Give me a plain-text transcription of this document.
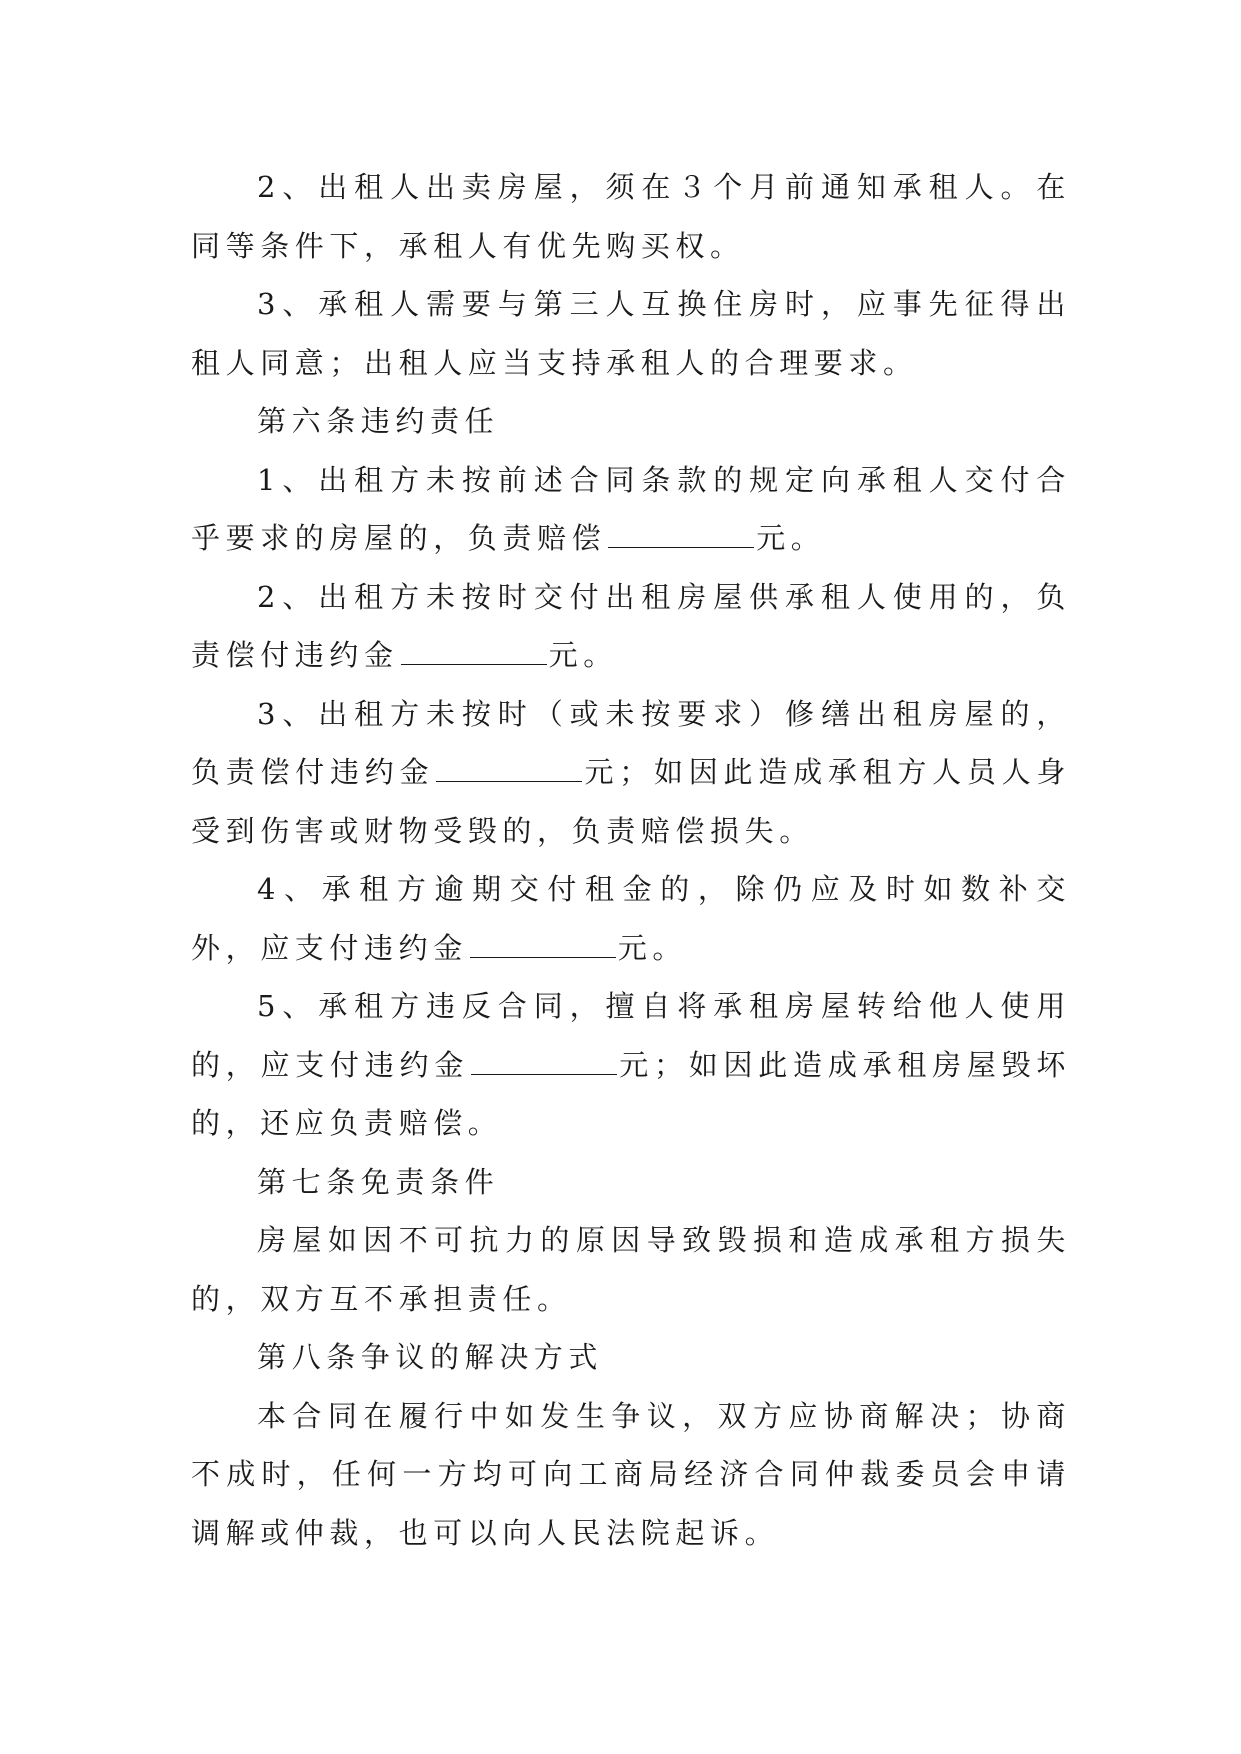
2、出租人出卖房屋，须在３个月前通知承租人。在同等条件下，承租人有优先购买权。

3、承租人需要与第三人互换住房时，应事先征得出租人同意；出租人应当支持承租人的合理要求。

第六条违约责任

1、出租方未按前述合同条款的规定向承租人交付合乎要求的房屋的，负责赔偿	元。

2、出租方未按时交付出租房屋供承租人使用的，负责偿付违约金	元。

3、出租方未按时（或未按要求）修缮出租房屋的，负责偿付违约金	元；如因此造成承租方人员人身受到伤害或财物受毁的，负责赔偿损失。

4、承租方逾期交付租金的，除仍应及时如数补交外，应支付违约金	元。

5、承租方违反合同，擅自将承租房屋转给他人使用的，应支付违约金	元；如因此造成承租房屋毁坏的，还应负责赔偿。

第七条免责条件

房屋如因不可抗力的原因导致毁损和造成承租方损失的，双方互不承担责任。

第八条争议的解决方式

本合同在履行中如发生争议，双方应协商解决；协商不成时，任何一方均可向工商局经济合同仲裁委员会申请调解或仲裁，也可以向人民法院起诉。
